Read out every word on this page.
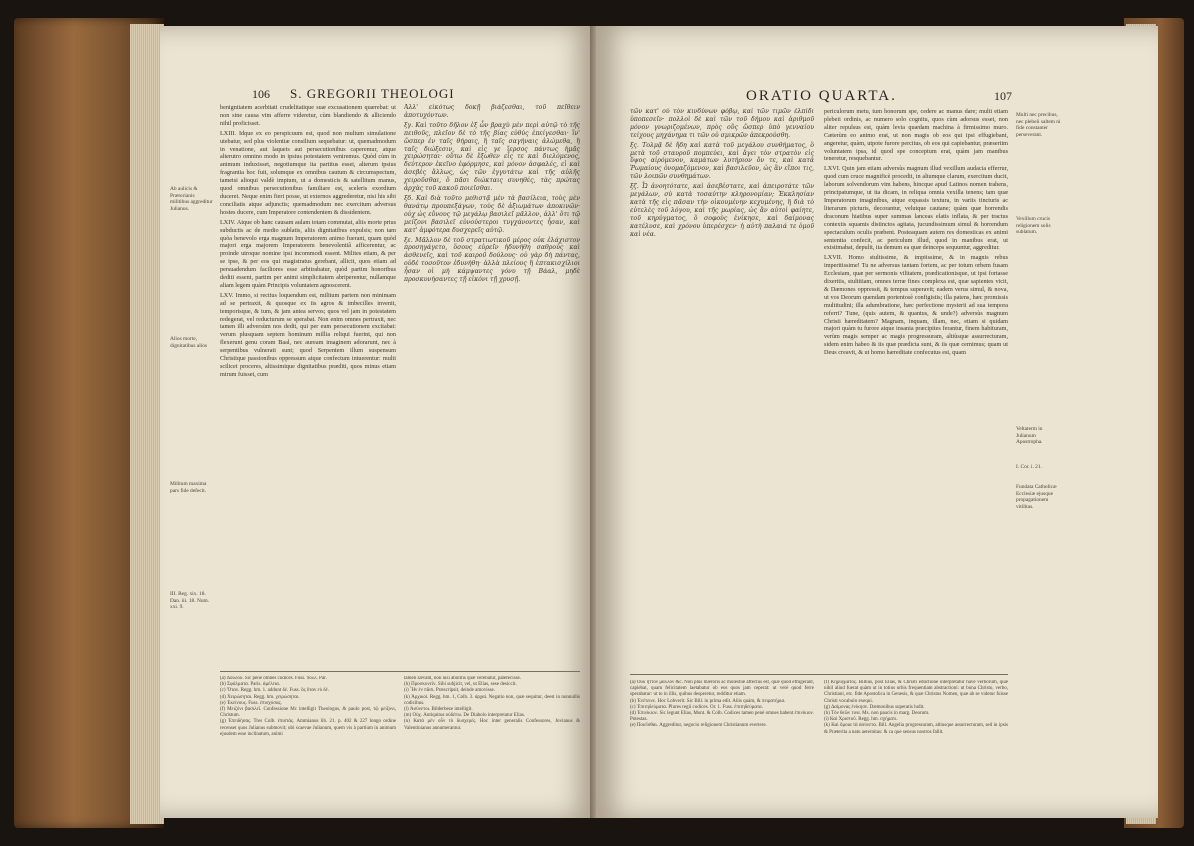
106 S. GREGORII THEOLOGI
Ab aulicis & Prætorianis militibus aggreditur Julianus.
Alios morte, dignitatibus alios
Militum maxima pars fide defecit.
III. Reg. xix. 18. Dan. iii. 18. Num. xxi. 9.

benignitatem acerbitati crudelitatique suæ excusationem quærebat: ut non sine causa vim afferre videretur, cùm blandiendo & alliciendo nihil proficisset.

LXIII. Idque ex eo perspicuum est, quod non multum simulatione utebatur, sed plus violentiæ consilium sequebatur: ut, quemadmodum in venatione, aut laqueis aut persecutionibus caperemur, atque alterutro omnino modo in ipsius potestatem veniremus. Quòd cùm in animum induxisset, negotiumque ita partitus esset, alterum ipsius fragrantia hoc fuit, solumque ex omnibus cautum & circumspectum, tametsi alioqui valdè impium, ut a domesticis & satellitum manus, quod omnibus persecutionibus familiare est, sceleris exordium duceret. Neque enim fieri posse, ut externos aggrederetur, nisi his sibi conciliatis atque adjunctis; quemadmodum nec exercitum adversus hostes ducere, cum Imperatore contendentem & dissidentem.

LXIV. Atque ob hanc causam aulam totam commutat, aliis morte prius subductis ac de medio sublatis, aliis dignitatibus expulsis; non tam quòa benevolo erga magnum Imperatorem animo fuerant, quam quòd majori erga majorem Imperatorem benevolentiâ afficerentur, ac proinde utroque nomine ipsi incommodi essent. Milites etiam, & per se ipse, & per eos qui magistratus gerebant, allicit, quos etiam ad persuadendum faciliores esse arbitrabatur, quòd partim honoribus dediti essent, partim per animi simplicitatem abriperentur, nullamque aliam legem quàm Principis voluntatem agnoscerent.

LXV. Immo, si rectius loquendum est, militum partem non minimam ad se pertraxit, & quosque ex iis agros & imbecilles invenit, temporisque, & tum, & jam antea servos; quos vel jam in potestatem redegerat, vel reducturum se sperabat. Non enim omnes pertraxit, nec tamen illi adversùm nos dedit, qui per eum persecutionem excitabat: verum plusquam septem hominum millia reliqui fuerint, qui non flexerunt genu coram Baal, nec auream imaginem adorarunt, nec à serpentibus vulnerati sunt; quod Serpentem illum suspensum Christique passionibus oppressum atque confectum intuerentur: multi scilicet proceres, altissimique dignitatibus præditi, quos minus etiam mirum fuisset, cum

Ἀλλ' εἰκότως δοκῇ βιάζεσθαι, τοῦ πεῖθειν ἀποτυχόντων.

ξγ. Καὶ τοῦτο δῆλον ἐξ ὧν βραχὺ μὲν περὶ αὐτῷ τὸ τῆς πειθοῦς, πλεῖον δὲ τὸ τῆς βίας εὐθὺς ἐπείγεσθαι· ἵν' ὥσπερ ἐν ταῖς θήραις, ἢ ταῖς σαγήναις ἁλώμεθα, ἢ ταῖς διώξεσιν, καὶ εἰς γε ἴερσος πάντως ἡμᾶς χειρώσηται· οὕτω δὲ ἔξωθεν εἶς τε καὶ διελόμενος, δεύτερον ἐκεῖνο ἐφόρμησε, καὶ μόνον ἀσφαλές, εἰ καὶ ἀσεβὲς ἄλλως, ὡς τῶν ἐγγυτάτω καὶ τῆς αὐλῆς χειροῦσθαι, ὃ πᾶσι διώκταις συνηθές, τὰς πρώτας ἀρχὰς τοῦ κακοῦ ποιεῖσθαι.

ξδ. Καὶ διὰ τοῦτο μεθιστᾷ μὲν τὰ βασίλεια, τοὺς μὲν θανάτῳ προυπεξάγων, τοὺς δὲ ἀξιωμάτων ἀποκινῶν· οὐχ ὡς εὔνους τῷ μεγάλῳ βασιλεῖ μᾶλλον, ἀλλ' ὅτι τῷ μείζονι βασιλεῖ εὐνούστεροι τυγχάνοντες ἦσαν, καὶ κατ' ἀμφότερα δυσχερεῖς αὐτῷ.

ξε. Μᾶλλον δὲ τοῦ στρατιωτικοῦ μέρος οὐκ ἐλάχιστον προσηγάγετο, ὅσους εὑρεῖν ἠδυνήθη σαθροὺς καὶ ἀσθενεῖς, καὶ τοῦ καιροῦ δούλους· οὐ γὰρ δὴ πάντας, οὐδὲ τοσοῦτον ἐδυνήθη· ἀλλὰ πλείους ἢ ἑπτακισχίλιοι ἦσαν οἱ μὴ κάμψαντες γόνυ τῇ Βάαλ, μηδὲ προσκυνήσαντες τῇ εἰκόνι τῇ χρυσῇ.

(a) Δούλου. Sic penè omnes codices. Fuss. πολλ. Par.
(b) Σφάλματα. Paris. ἀμέλεια.
(c) Ὅταν. Regg. hm. 1. addunt δέ. Fuss. ὃς ὅταν εὐ δέ.
(d) Χειρώσηται. Regg. hm. χειρώσηται.
(e) Ἐκείνους. Fuss. ἐπισχύσας.
(f) Μειζόνι βασιλεῖ. Confessione Mc intelligit Theologus, & paulo post, τῷ μείζονι, Christum.
(g) Ἐπειδήσας. Tres Colb. ἐπιστάς. Ammianus lib. 21. p. 402 & 227 longo ordine recenset quos Julianus submovit; ubi scaevae Julianum, quem vis à partium in animum ejusdem esse inclinatum, animi
tamen sævam, non nisi abolitis quæ verebatur, patefecisse.
(h) Προσκυνεῖν. Sibi subjicit, vel, ut Elias, sese desiccit.
(i) Ἦν ἐν πᾶσι. Præscripsit, deinde amovisse.
(k) Ἀρχικοί. Regg. hm. 1, Colb. 3. ἀρχαί. Negatio non, quæ sequitur, deest in nonnullis codicibus.
(l) Ἀσύνετοι. Bilderbeze intelligit.
(m) Οὐχ. Antiquitus οὐδέπω. De Diabolo interpretatur Elias.
(n) Κατὰ μὲν οὖν τὸ δυσχερές. Hoc inter generalis Confessores, Jovianus & Valentinianus annumerantur.
ORATIO QUARTA.	107

τῶν κατ' οὐ τὸν κινδύνων φόβῳ, καὶ τῶν τιμῶν ἐλπίδι ὑποπεσεῖν· πολλοὶ δὲ καὶ τῶν τοῦ δήμου καὶ ἀριθμοῦ μόνον γνωριζομένων, πρὸς οὓς ὥσπερ ὑπὸ γενναίου τείχους μηχάνημα τι τῶν οὐ σμικρῶν ἀπεκρούσθη.

ξς. Τολμᾷ δὲ ἤδη καὶ κατὰ τοῦ μεγάλου συνθήματος, ὃ μετὰ τοῦ σταυροῦ πομπεύει, καὶ ἄγει τὸν στρατὸν εἰς ὕψος αἰρόμενον, καμάτων λυτήριον ὄν τε, καὶ κατὰ Ῥωμαίους ὀνομαζόμενον, καὶ βασιλεῦον, ὡς ἂν εἴποι τις, τῶν λοιπῶν συνθημάτων.

ξζ. Ὦ ἀνοητότατε, καὶ ἀσεβέστατε, καὶ ἀπειροτάτε τῶν μεγάλων, σὺ κατὰ τοσαύτην κληρονομίαν; Ἐκκλησίαν κατὰ τῆς εἰς πᾶσαν τὴν οἰκουμένην κεχυμένης, ἣ διὰ τὸ εὐτελὲς τοῦ λόγου, καὶ τῆς μωρίας, ὡς ἂν αὐτοὶ φαίητε, τοῦ κηρύγματος, ὃ σοφοὺς ἐνίκησε, καὶ δαίμονας κατέλυσε, καὶ χρόνου ὑπερέσχεν· ἡ αὐτὴ παλαιά τε ὁμοῦ καὶ νέα.

periculorum metu, tum honorum spe, cedere ac manus dare; multi etiam plebeii ordinis, ac numero solo cognitu, quos cùm adorsus esset, non aliter repulsus est, quàm levia quædam machina à firmissimo muro. Cæterùm eo animo erat, ut non magis ob eos qui ipsi effugiebant, angeretur, quàm, utpote furore percitus, ob eos qui capiebantur, præsertim voluntatem ipsa, id quod spe conceptum erat, quàm jam manibus teneretur, resquebantur.

LXVI. Quin jam etiam adversùs magnum illud vexillum audacia efferrur, quod cum cruce magnificè procedit, in altumque clarum, exercitum ducit, laborum solvendorum vim habens, hincque apud Latinos nomen trahens, principatumque, ut ita dicam, in reliqua omnia vexilla tenens; tam quæ Imperatorum imaginibus, atque expassis textura, in variis tincturis ac literarum picturis, decorantur, velutque cautane; quàm quæ horrendis draconum hiatibus super summas lanceas elatis inflata, & per tractus contextis squamis distinctos agitata, jucundissimum simul & horrendum spectaculum oculis præbent. Posteaquam autem res domesticas ex animi sententia confecit, ac periculum illud, quod in manibus erat, ut existimabat, depulit, ita demum ea quæ deinceps sequuntur, aggreditur.

LXVII. Homo stultissime, & impiissime, & in magnis rebus imperitissime! Tu ne adversus tantam fortem, ac per totum orbem fusam Ecclesiam, quæ per sermonis vilitatem, prædicationisque, ut ipsi fortasse dixeritis, stultitiam, omnes terræ fines complexa est, quæ sapientes vicit, & Dæmones oppressit, & tempus superavit; eadem verus simul, & nova, ut vos Deorum quendam portentosè configistis; illa patens, hæc promissis multitudini; illa adumbratione, hæc perfectione mysterii ad sua tempora referri? Tune, (quis autem, & quantus, & unde?) adversùs magnum Christi hæreditatem? Magnam, inquam, illam, nec, etiam si quidam majori quàm tu furore atque insania præcipites ferantur, finem habituram, verùm magis semper ac magis progressuram, altiùsque assurrecturam, sidem enim habeo & iis quæ prædicta sunt, & iis quæ cernimus; quam ut Deus creavit, & ut homo hæreditate confecutus est, quam

Multi nec precibus, nec plebeii saltem ni fide constanter perseverant.
Vexillum crucis religionem solis sublatum.
Veltaterm in Julianum Apostropha.
I. Cor. i. 21.
Fundata Catholicæ Ecclesiæ ejusque propagationem vitilitas.
(a) Οὐκ ἦττον μᾶλλον &c. Non plus mæroris ac molestiæ affectus est, quæ quod effugerant, capiebat, quam felicitatem laetabatur ob eos quos jam ceperat: ut verè quod ferre sperabatur: ut to in illis, quibus desperetur, redditur etiam.
(b) Ἐνέτεινε. Hoc Lobverit. Sic Bill. in prima edit. Aliis quàm, & πειρατήρια.
(c) Ἐπιτηδεύματα. Plures regii codices. Or. 1. Fuss. ἐπιτηδεύματα.
(d) Ἐπινίκιον. Sic legunt Elias, Mont. & Colb. Codices tamen penè omnes habent ἐπινίκιον. Potestas.
(e) Ποιεῖσθαι. Aggreditur, negocio religionem Christianum evertere.
(f) Κηρύγματος. Billius, post Elias, & Christi eductione interpretatur have verborum, quæ nihil aliud fuerat quàm ut in totius orbis frequentiam abstractioni: ut bona Christo, verbo, Christiani, etc. fide Apostolica in Genesis, & quæ Christus Nomen, quæ ab se videtur fuisse Christi vocabulo exequi.
(g) Δαίμονας ἐνίκησε. Dæmonibus superatis ludit.
(h) Τὸν θεῶν τινα. Ms. non paucis in marg. Deorum.
(i) Καὶ Χριστοῦ. Regg. hm. σχήματι.
(k) Καὶ ὅμοια τὰ ἀσύνετα. Bill. Angelia progressuram, altiusque assurrecturam, sed in ipsis & Præterita a natu aeternitas: & ca que sensus nostros fallit.
